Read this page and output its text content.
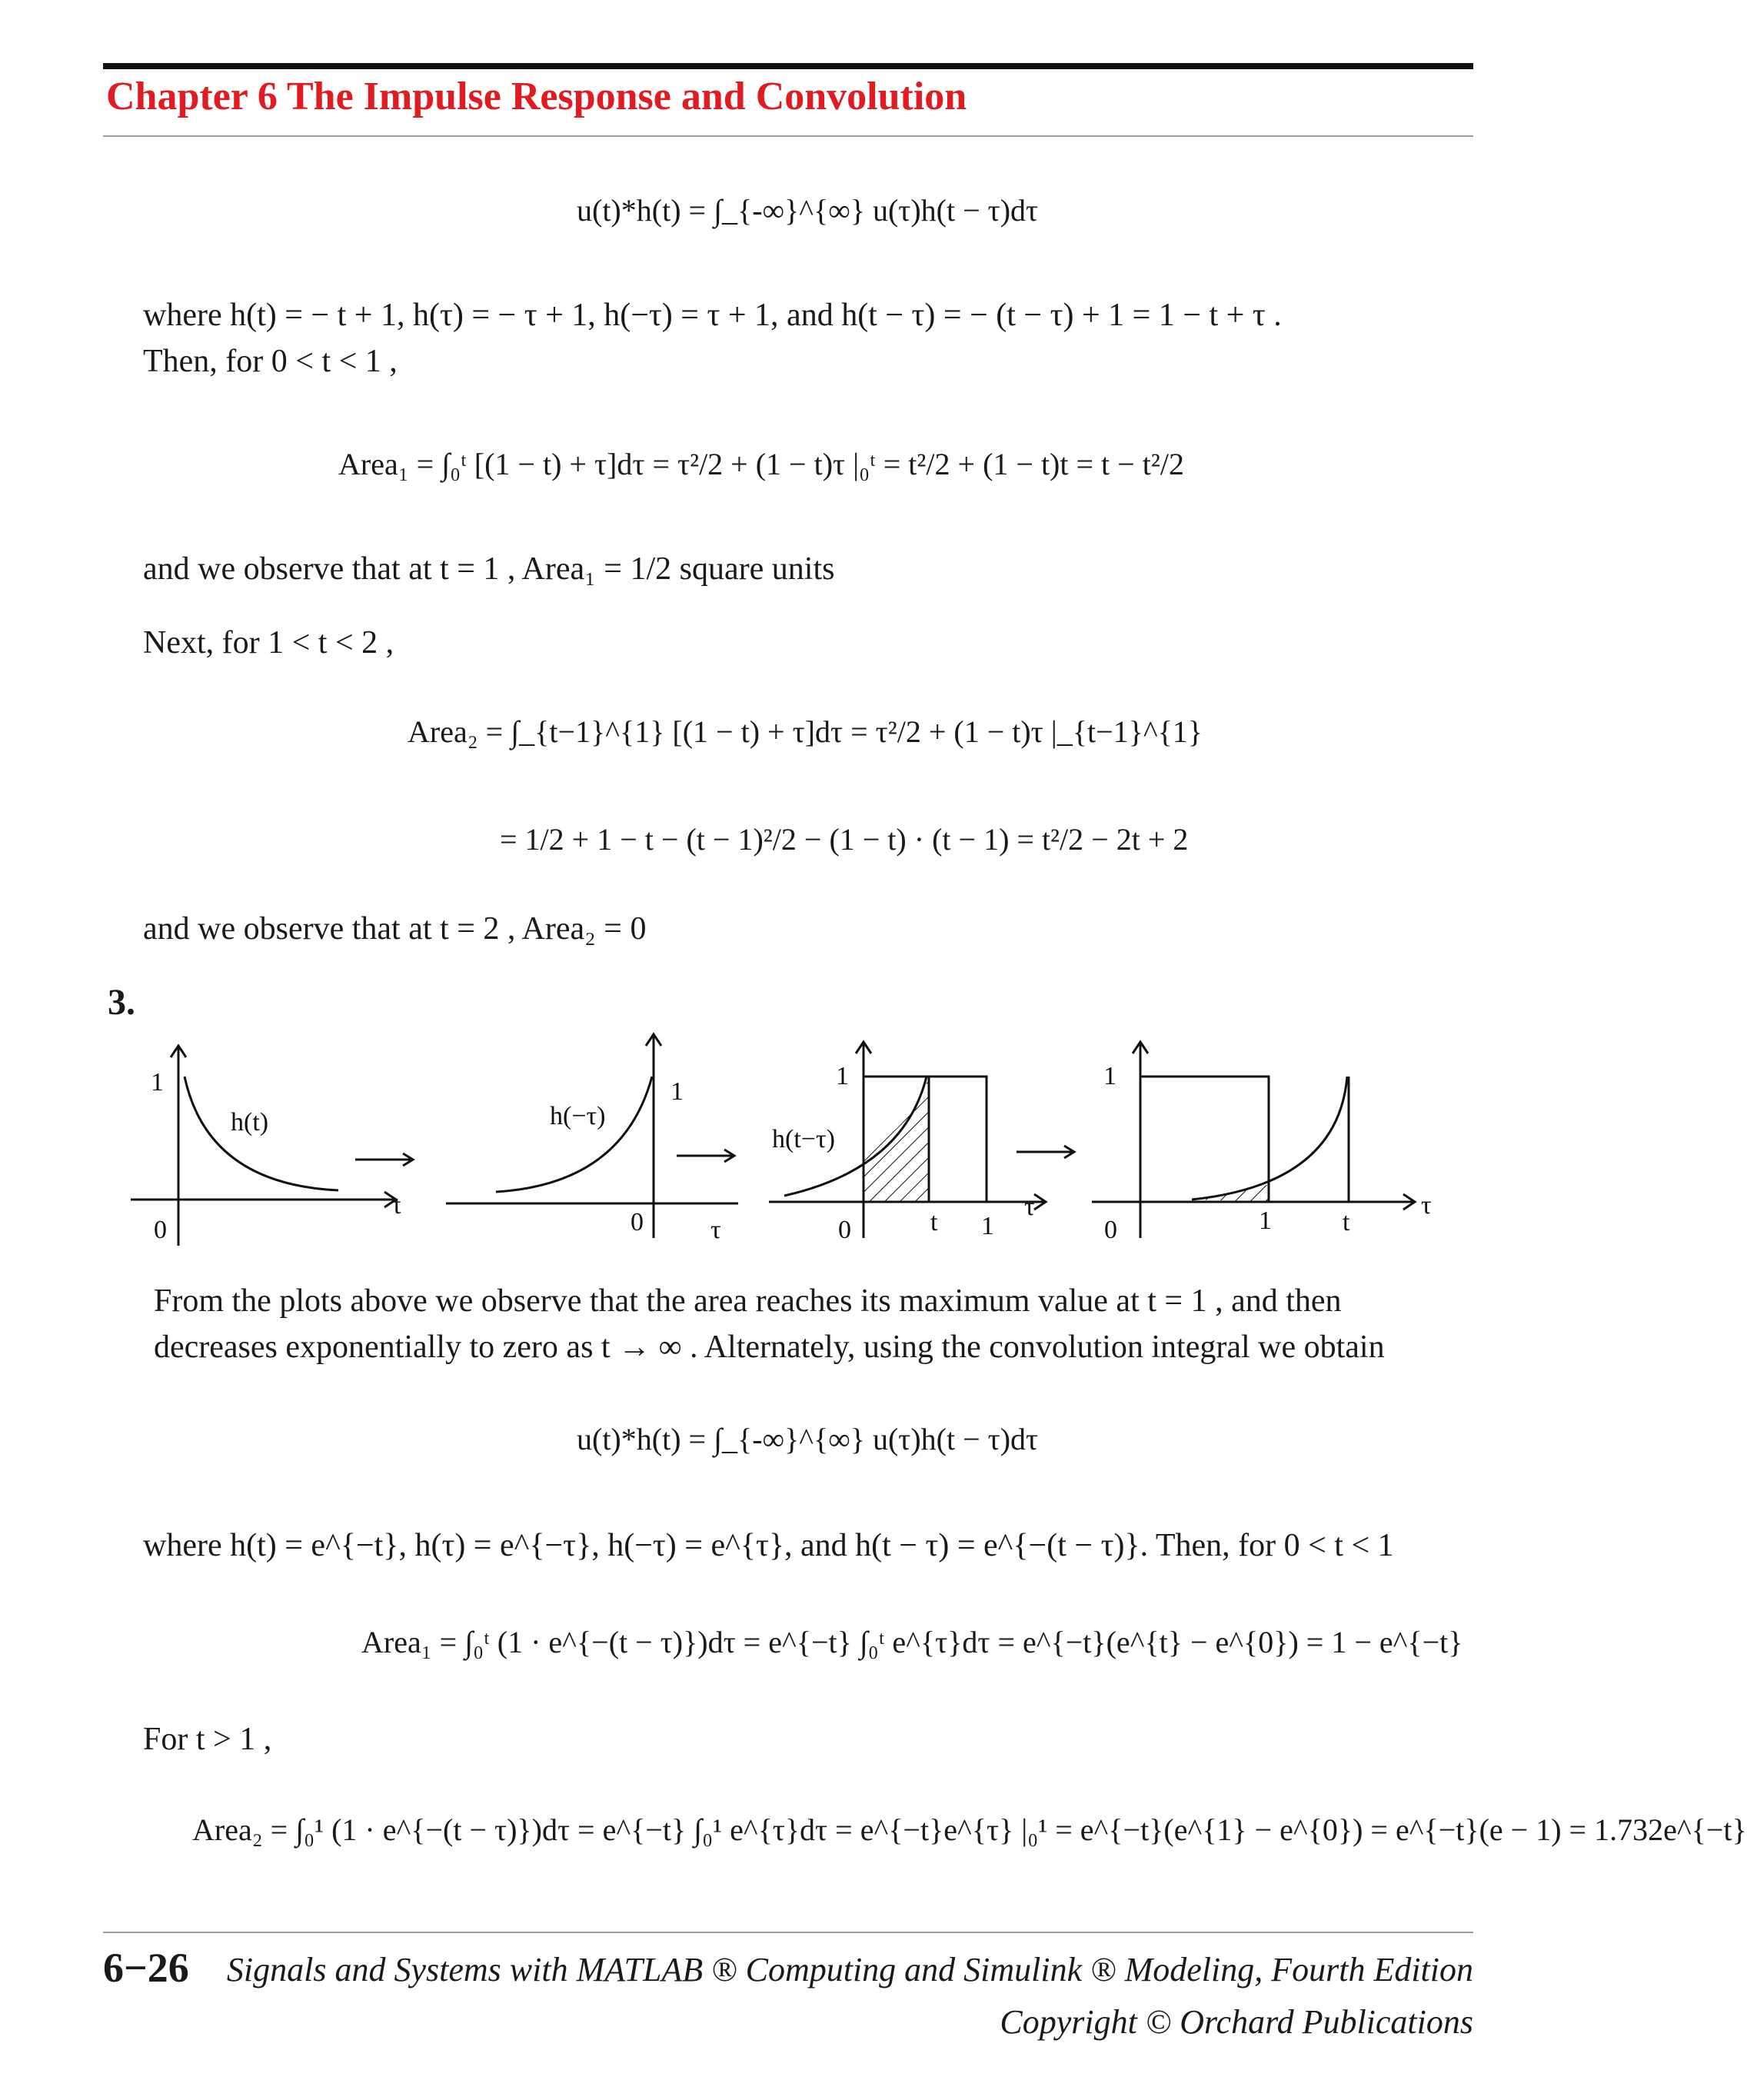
Chapter 6 The Impulse Response and Convolution
u(t)*h(t) = ∫_{-∞}^{∞} u(τ)h(t − τ)dτ
where h(t) = − t + 1, h(τ) = − τ + 1, h(−τ) = τ + 1, and h(t − τ) = − (t − τ) + 1 = 1 − t + τ .
Then, for 0 < t < 1 ,
Area₁ = ∫₀ᵗ [(1 − t) + τ]dτ = τ²/2 + (1 − t)τ |₀ᵗ = t²/2 + (1 − t)t = t − t²/2
and we observe that at t = 1 , Area₁ = 1/2 square units
Next, for 1 < t < 2 ,
Area₂ = ∫_{t−1}^{1} [(1 − t) + τ]dτ = τ²/2 + (1 − t)τ |_{t−1}^{1}
= 1/2 + 1 − t − (t − 1)²/2 − (1 − t) · (t − 1) = t²/2 − 2t + 2
and we observe that at t = 2 , Area₂ = 0
3.
1
h(t)
0
t
h(−τ)
1
0	τ
1
h(t−τ)
0	t 1
τ
1
0	1	t
τ
From the plots above we observe that the area reaches its maximum value at t = 1 , and then
decreases exponentially to zero as t → ∞ . Alternately, using the convolution integral we obtain
u(t)*h(t) = ∫_{-∞}^{∞} u(τ)h(t − τ)dτ
where h(t) = e^{−t}, h(τ) = e^{−τ}, h(−τ) = e^{τ}, and h(t − τ) = e^{−(t − τ)}. Then, for 0 < t < 1
Area₁ = ∫₀ᵗ (1 · e^{−(t − τ)})dτ = e^{−t} ∫₀ᵗ e^{τ}dτ = e^{−t}(e^{t} − e^{0}) = 1 − e^{−t}
For t > 1 ,
Area₂ = ∫₀¹ (1 · e^{−(t − τ)})dτ = e^{−t} ∫₀¹ e^{τ}dτ = e^{−t}e^{τ} |₀¹ = e^{−t}(e^{1} − e^{0}) = e^{−t}(e − 1) = 1.732e^{−t}
6−26 Signals and Systems with MATLAB ® Computing and Simulink ® Modeling, Fourth Edition
Copyright © Orchard Publications
